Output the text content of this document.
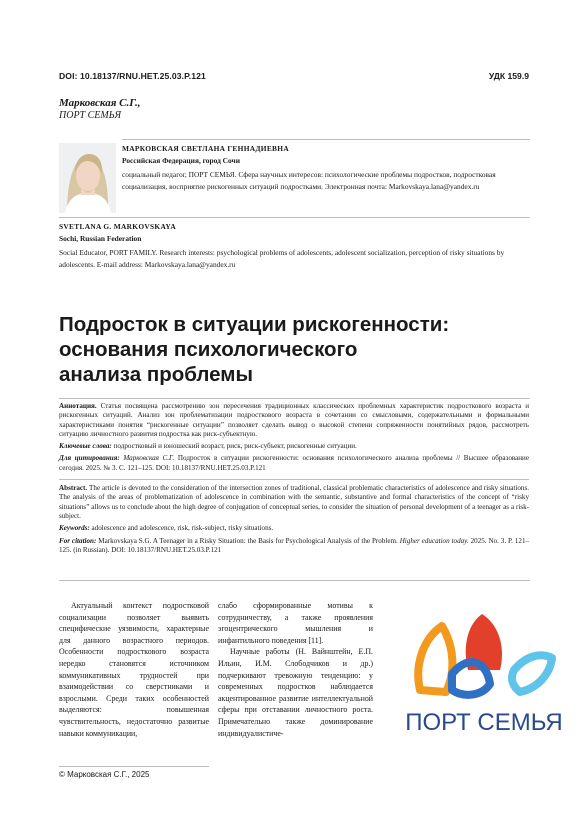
DOI: 10.18137/RNU.HET.25.03.P.121	УДК 159.9
Марковская С.Г.,
ПОРТ СЕМЬЯ
МАРКОВСКАЯ СВЕТЛАНА ГЕННАДИЕВНА
Российская Федерация, город Сочи
социальный педагог, ПОРТ СЕМЬЯ. Сфера научных интересов: психологические проблемы подростков, подростковая социализация, восприятие рискогенных ситуаций подростками. Электронная почта: Markovskaya.lana@yandex.ru
SVETLANA G. MARKOVSKAYA
Sochi, Russian Federation
Social Educator, PORT FAMILY. Research interests: psychological problems of adolescents, adolescent socialization, perception of risky situations by adolescents. E-mail address: Markovskaya.lana@yandex.ru
Подросток в ситуации рискогенности:
основания психологического
анализа проблемы

Аннотация. Статья посвящена рассмотрению зон пересечения традиционных классических проблемных характеристик подросткового возраста и рискогенных ситуаций. Анализ зон проблематизации подросткового возраста в сочетании со смысловыми, содержательными и формальными характеристиками понятия “рискогенные ситуации” позволяет сделать вывод о высокой степени сопряженности понятийных рядов, рассмотреть ситуацию личностного развития подростка как риск-субъектную.

Ключевые слова: подростковый и юношеский возраст, риск, риск-субъект, рискогенные ситуации.

Для цитирования: Марковская С.Г. Подросток в ситуации рискогенности: основания психологического анализа проблемы // Высшее образование сегодня. 2025. № 3. С. 121–125. DOI: 10.18137/RNU.HET.25.03.P.121

Abstract. The article is devoted to the consideration of the intersection zones of traditional, classical problematic characteristics of adolescence and risky situations. The analysis of the areas of problematization of adolescence in combination with the semantic, substantive and formal characteristics of the concept of “risky situations” allows us to conclude about the high degree of conjugation of conceptual series, to consider the situation of personal development of a teenager as a risk-subject.

Keywords: adolescence and adolescence, risk, risk-subject, risky situations.

For citation: Markovskaya S.G. A Teenager in a Risky Situation: the Basis for Psychological Analysis of the Problem. Higher education today. 2025. No. 3. P. 121–125. (in Russian). DOI: 10.18137/RNU.HET.25.03.P.121

Актуальный контекст подростковой социализации позволяет выявить специфические уязвимости, характерные для данного возрастного периодов. Особенности подросткового возраста нередко становятся источником коммуникативных трудностей при взаимодействии со сверстниками и взрослыми. Среди таких особенностей выделяются: повышенная чувствительность, недостаточно развитые навыки коммуникации,

слабо сформированные мотивы к сотрудничеству, а также проявления эгоцентрического мышления и инфантильного поведения [11].

Научные работы (Н. Вайнштейн, Е.П. Ильин, И.М. Слободчиков и др.) подчеркивают тревожную тенденцию: у современных подростков наблюдается акцентированное развитие интеллектуальной сферы при отставании личностного роста. Примечательно также доминирование индивидуалистиче-	ПОРТ СЕМЬЯ
© Марковская С.Г., 2025
